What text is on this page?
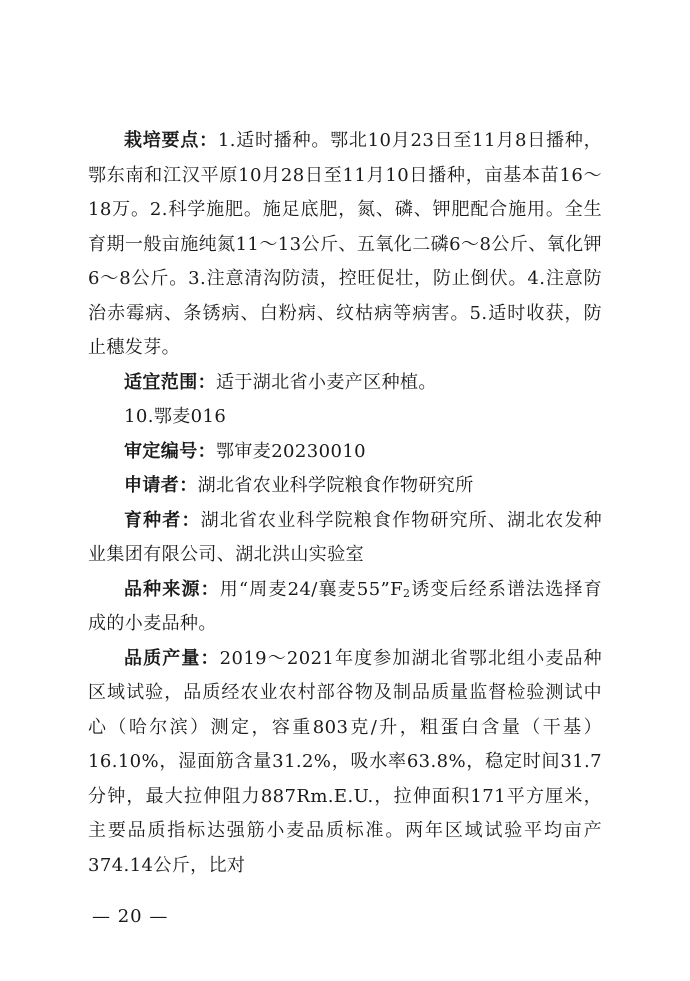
栽培要点：1.适时播种。鄂北10月23日至11月8日播种，鄂东南和江汉平原10月28日至11月10日播种，亩基本苗16～18万。2.科学施肥。施足底肥，氮、磷、钾肥配合施用。全生育期一般亩施纯氮11～13公斤、五氧化二磷6～8公斤、氧化钾6～8公斤。3.注意清沟防渍，控旺促壮，防止倒伏。4.注意防治赤霉病、条锈病、白粉病、纹枯病等病害。5.适时收获，防止穗发芽。

适宜范围：适于湖北省小麦产区种植。

10.鄂麦016

审定编号：鄂审麦20230010

申请者：湖北省农业科学院粮食作物研究所

育种者：湖北省农业科学院粮食作物研究所、湖北农发种业集团有限公司、湖北洪山实验室

品种来源：用“周麦24/襄麦$55”F_2$诱变后经系谱法选择育成的小麦品种。

品质产量：2019～2021年度参加湖北省鄂北组小麦品种区域试验，品质经农业农村部谷物及制品质量监督检验测试中心（哈尔滨）测定，容重803克/升，粗蛋白含量（干基）16.10%，湿面筋含量31.2%，吸水率63.8%，稳定时间31.7分钟，最大拉伸阻力887Rm.E.U.，拉伸面积171平方厘米，主要品质指标达强筋小麦品质标准。两年区域试验平均亩产374.14公斤，比对

— 20 —
